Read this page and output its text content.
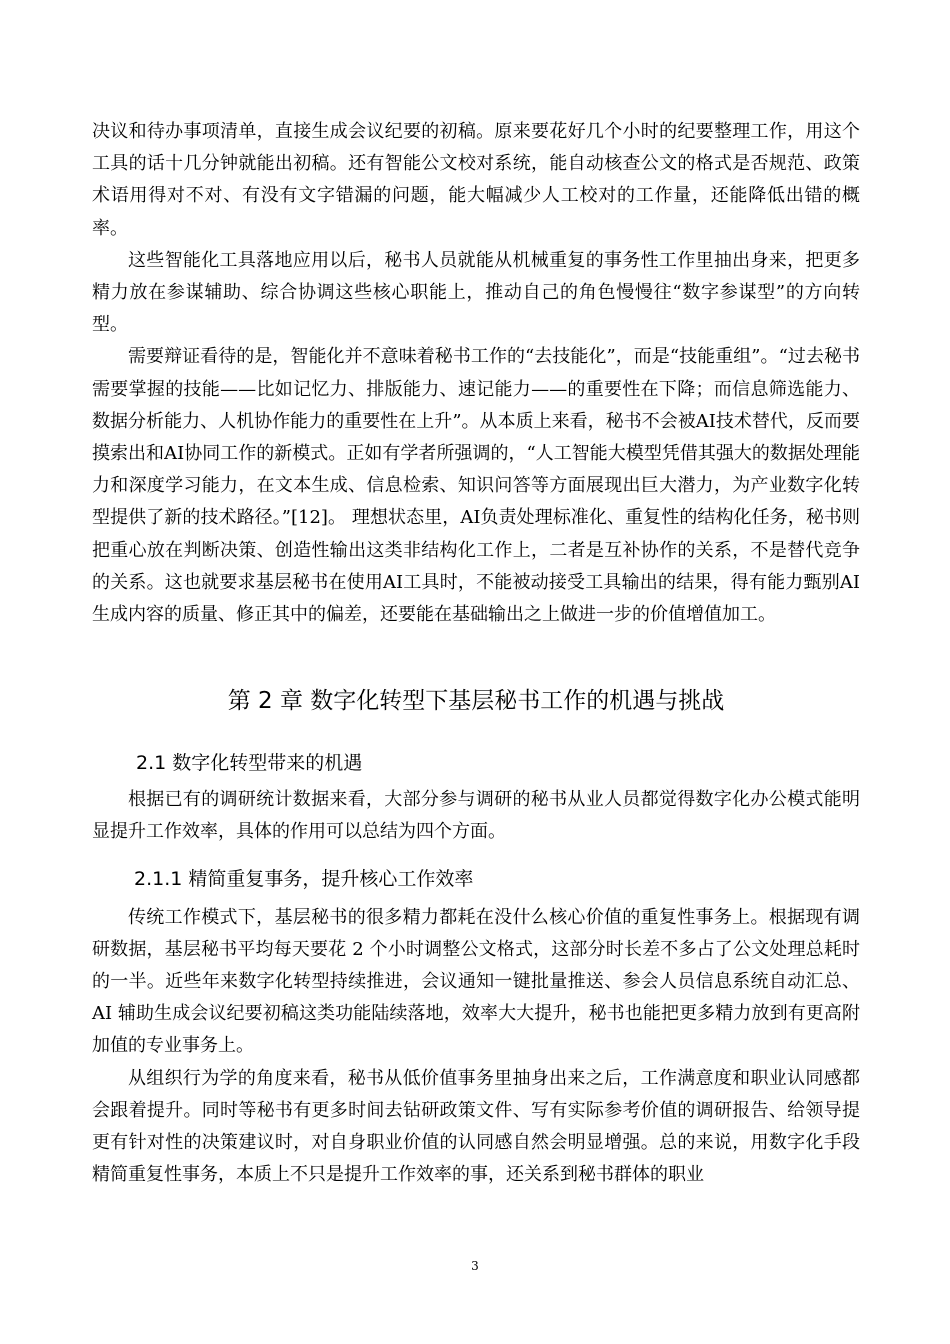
决议和待办事项清单，直接生成会议纪要的初稿。原来要花好几个小时的纪要整理工作，用这个工具的话十几分钟就能出初稿。还有智能公文校对系统，能自动核查公文的格式是否规范、政策术语用得对不对、有没有文字错漏的问题，能大幅减少人工校对的工作量，还能降低出错的概率。

这些智能化工具落地应用以后，秘书人员就能从机械重复的事务性工作里抽出身来，把更多精力放在参谋辅助、综合协调这些核心职能上，推动自己的角色慢慢往“数字参谋型”的方向转型。

需要辩证看待的是，智能化并不意味着秘书工作的“去技能化”，而是“技能重组”。“过去秘书需要掌握的技能——比如记忆力、排版能力、速记能力——的重要性在下降；而信息筛选能力、数据分析能力、人机协作能力的重要性在上升”。从本质上来看，秘书不会被AI技术替代，反而要摸索出和AI协同工作的新模式。正如有学者所强调的，“人工智能大模型凭借其强大的数据处理能力和深度学习能力，在文本生成、信息检索、知识问答等方面展现出巨大潜力，为产业数字化转型提供了新的技术路径。”[12]。 理想状态里，AI负责处理标准化、重复性的结构化任务，秘书则把重心放在判断决策、创造性输出这类非结构化工作上，二者是互补协作的关系，不是替代竞争的关系。这也就要求基层秘书在使用AI工具时，不能被动接受工具输出的结果，得有能力甄别AI生成内容的质量、修正其中的偏差，还要能在基础输出之上做进一步的价值增值加工。

第 2 章 数字化转型下基层秘书工作的机遇与挑战
2.1 数字化转型带来的机遇

根据已有的调研统计数据来看，大部分参与调研的秘书从业人员都觉得数字化办公模式能明显提升工作效率，具体的作用可以总结为四个方面。

2.1.1 精简重复事务，提升核心工作效率

传统工作模式下，基层秘书的很多精力都耗在没什么核心价值的重复性事务上。根据现有调研数据，基层秘书平均每天要花 2 个小时调整公文格式，这部分时长差不多占了公文处理总耗时的一半。近些年来数字化转型持续推进，会议通知一键批量推送、参会人员信息系统自动汇总、AI 辅助生成会议纪要初稿这类功能陆续落地，效率大大提升，秘书也能把更多精力放到有更高附加值的专业事务上。

从组织行为学的角度来看，秘书从低价值事务里抽身出来之后，工作满意度和职业认同感都会跟着提升。同时等秘书有更多时间去钻研政策文件、写有实际参考价值的调研报告、给领导提更有针对性的决策建议时，对自身职业价值的认同感自然会明显增强。总的来说，用数字化手段精简重复性事务，本质上不只是提升工作效率的事，还关系到秘书群体的职业

3
